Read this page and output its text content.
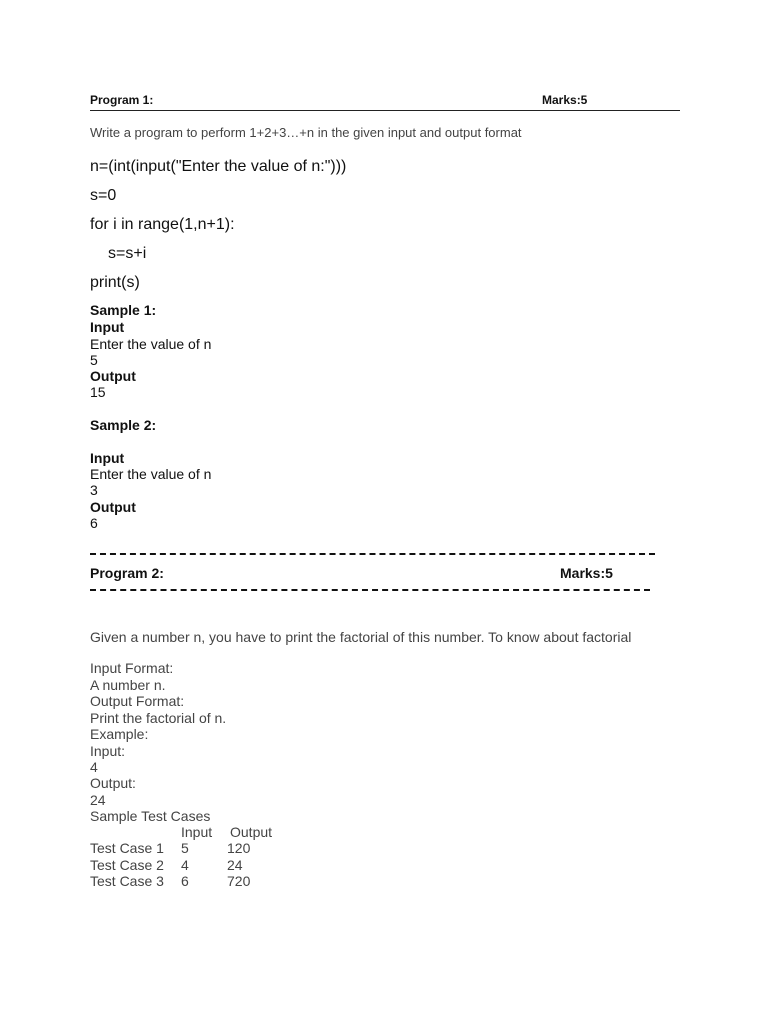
Program 1:	Marks:5
Write a program to perform 1+2+3…+n in the given input and output format
n=(int(input("Enter the value of n:")))
s=0
for i in range(1,n+1):
s=s+i
print(s)
Sample 1:
Input
Enter the value of n
5
Output
15
Sample 2:
Input
Enter the value of n
3
Output
6
Program 2:	Marks:5
Given a number n, you have to print the factorial of this number. To know about factorial
Input Format:
A number n.
Output Format:
Print the factorial of n.
Example:
Input:
4
Output:
24
Sample Test Cases
Input Output
Test Case 1 5	120
Test Case 2 4	24
Test Case 3 6	720
